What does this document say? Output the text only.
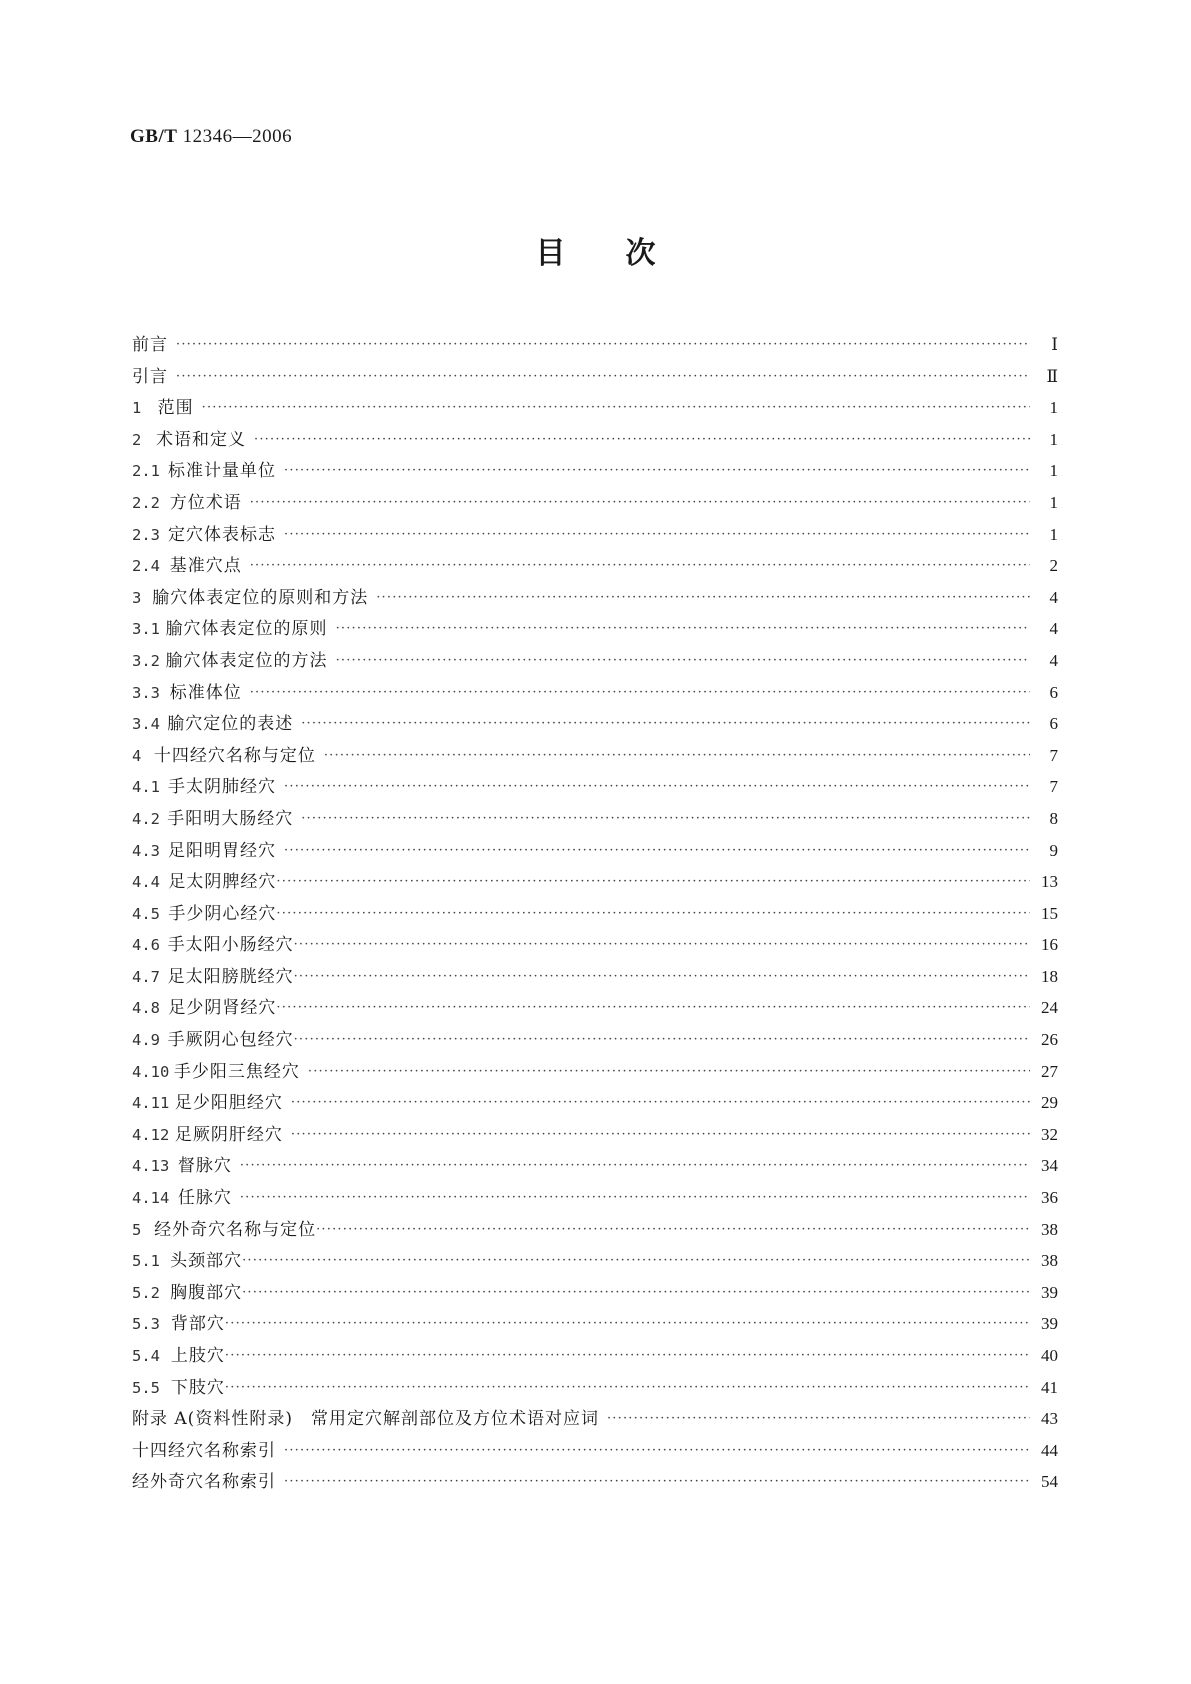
GB/T 12346—2006
目次
前言 ·····	Ⅰ
引言 ·····	Ⅱ
1 范围 ·····	1
2 术语和定义 ·····	1
2.1 标准计量单位 ·····	1
2.2 方位术语 ·····	1
2.3 定穴体表标志 ·····	1
2.4 基准穴点 ·····	2
3 腧穴体表定位的原则和方法 ·····	4
3.1 腧穴体表定位的原则 ·····	4
3.2 腧穴体表定位的方法 ·····	4
3.3 标准体位 ·····	6
3.4 腧穴定位的表述 ·····	6
4 十四经穴名称与定位 ·····	7
4.1 手太阴肺经穴 ·····	7
4.2 手阳明大肠经穴 ·····	8
4.3 足阳明胃经穴 ·····	9
4.4 足太阴脾经穴 ·····	13
4.5 手少阴心经穴 ·····	15
4.6 手太阳小肠经穴 ·····	16
4.7 足太阳膀胱经穴 ·····	18
4.8 足少阴肾经穴 ·····	24
4.9 手厥阴心包经穴 ·····	26
4.10 手少阳三焦经穴 ·····	27
4.11 足少阳胆经穴 ·····	29
4.12 足厥阴肝经穴 ·····	32
4.13 督脉穴 ·····	34
4.14 任脉穴 ·····	36
5 经外奇穴名称与定位 ·····	38
5.1 头颈部穴 ·····	38
5.2 胸腹部穴 ·····	39
5.3 背部穴 ·····	39
5.4 上肢穴 ·····	40
5.5 下肢穴 ·····	41
附录 A(资料性附录)　常用定穴解剖部位及方位术语对应词 ·····	43
十四经穴名称索引 ·····	44
经外奇穴名称索引 ·····	54
